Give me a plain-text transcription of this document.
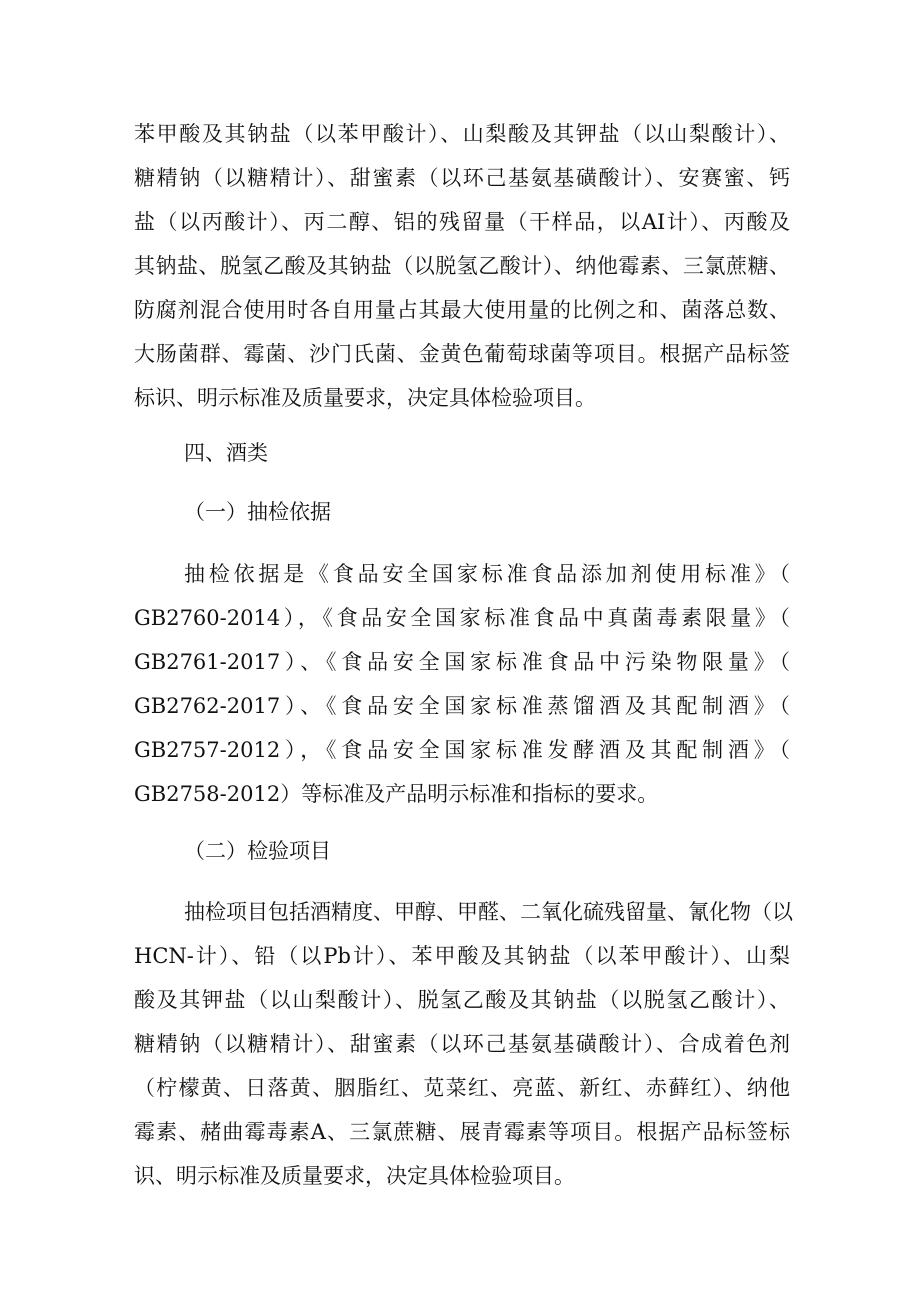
苯甲酸及其钠盐（以苯甲酸计）、山梨酸及其钾盐（以山梨酸计）、
糖精钠（以糖精计）、甜蜜素（以环己基氨基磺酸计）、安赛蜜、钙
盐（以丙酸计）、丙二醇、铝的残留量（干样品，以AI计）、丙酸及
其钠盐、脱氢乙酸及其钠盐（以脱氢乙酸计）、纳他霉素、三氯蔗糖、
防腐剂混合使用时各自用量占其最大使用量的比例之和、菌落总数、
大肠菌群、霉菌、沙门氏菌、金黄色葡萄球菌等项目。根据产品标签
标识、明示标准及质量要求，决定具体检验项目。
四、酒类
（一）抽检依据
抽检依据是《食品安全国家标准食品添加剂使用标准》（
GB2760-2014），《食品安全国家标准食品中真菌毒素限量》（
GB2761-2017）、《食品安全国家标准食品中污染物限量》（
GB2762-2017）、《食品安全国家标准蒸馏酒及其配制酒》（
GB2757-2012），《食品安全国家标准发酵酒及其配制酒》（
GB2758-2012）等标准及产品明示标准和指标的要求。
（二）检验项目
抽检项目包括酒精度、甲醇、甲醛、二氧化硫残留量、氰化物（以
HCN-计）、铅（以Pb计）、苯甲酸及其钠盐（以苯甲酸计）、山梨
酸及其钾盐（以山梨酸计）、脱氢乙酸及其钠盐（以脱氢乙酸计）、
糖精钠（以糖精计）、甜蜜素（以环己基氨基磺酸计）、合成着色剂
（柠檬黄、日落黄、胭脂红、苋菜红、亮蓝、新红、赤藓红）、纳他
霉素、赭曲霉毒素A、三氯蔗糖、展青霉素等项目。根据产品标签标
识、明示标准及质量要求，决定具体检验项目。
